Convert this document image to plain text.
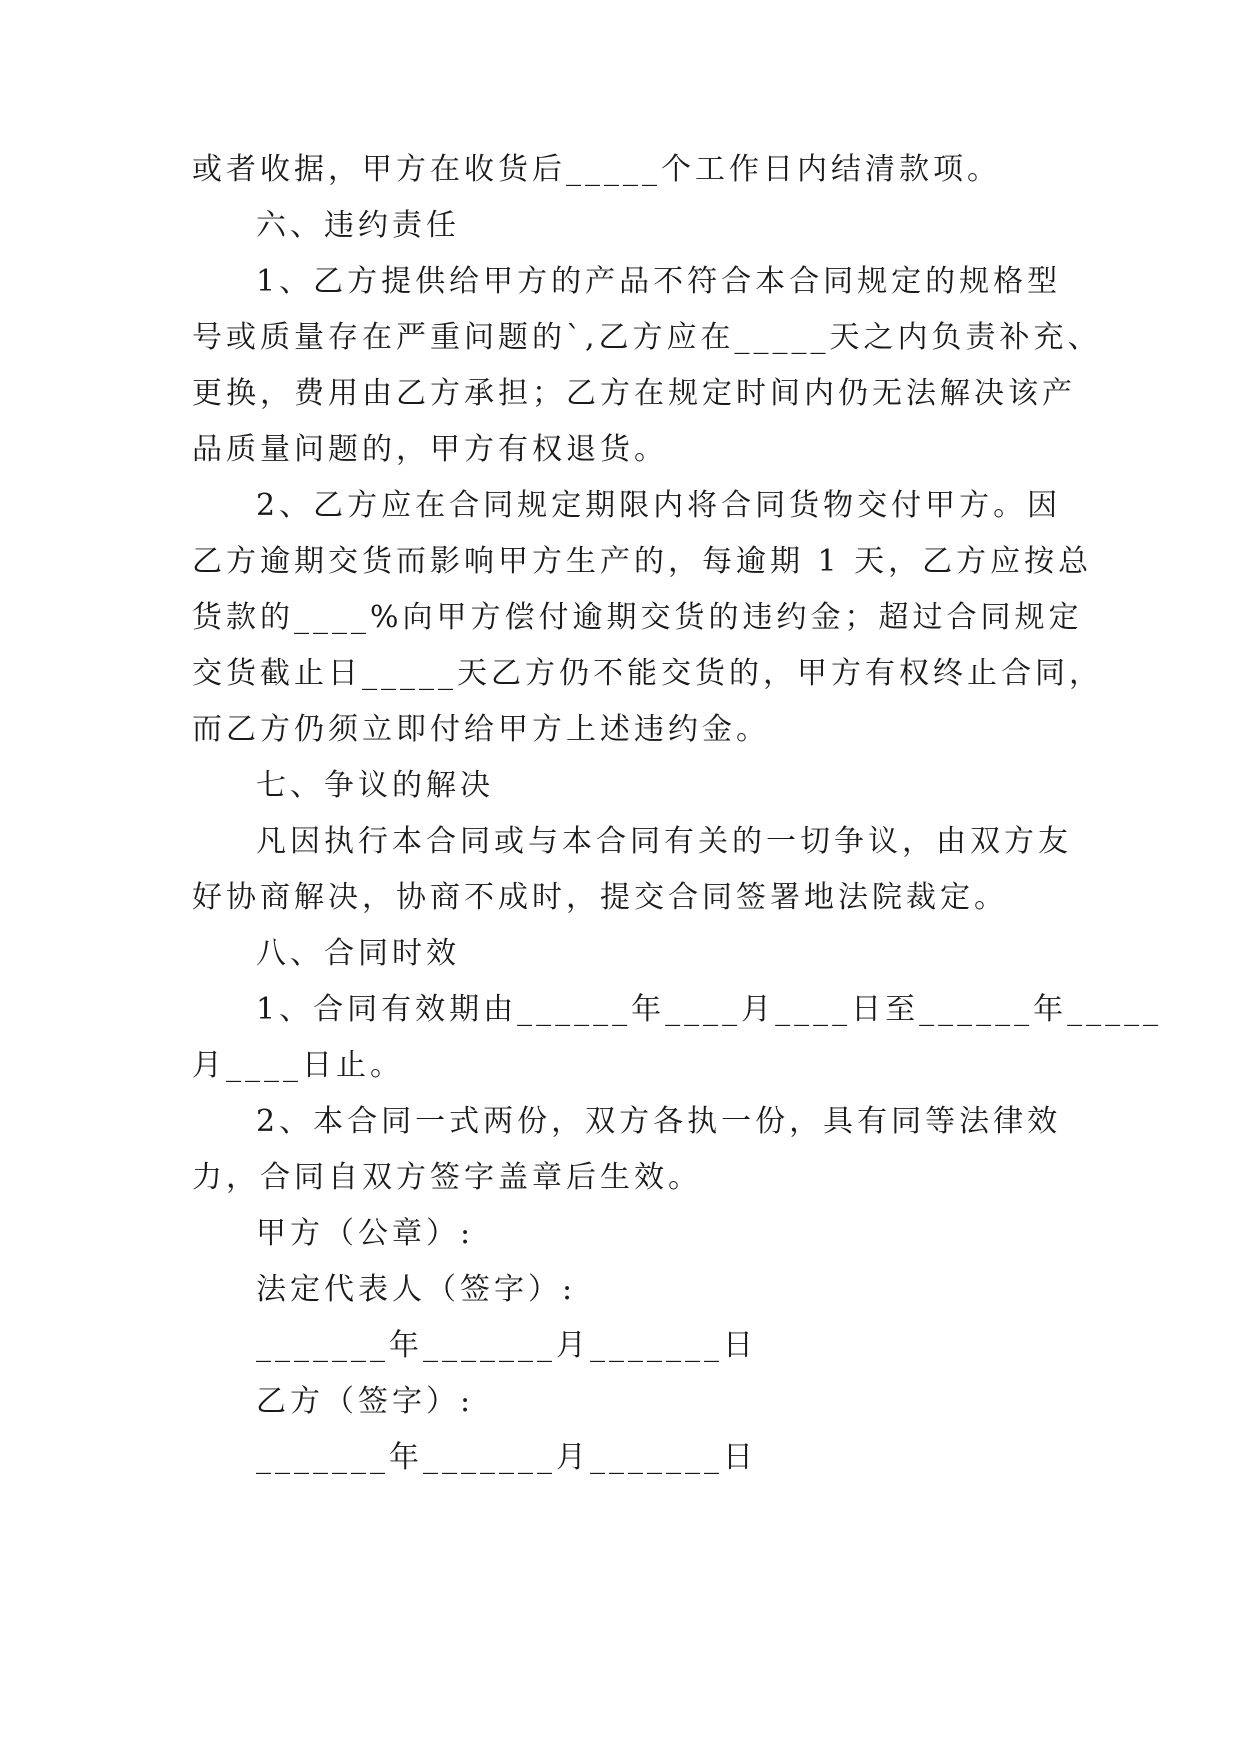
或者收据，甲方在收货后_____个工作日内结清款项。
六、违约责任
1、乙方提供给甲方的产品不符合本合同规定的规格型
号或质量存在严重问题的`,乙方应在_____天之内负责补充、
更换，费用由乙方承担；乙方在规定时间内仍无法解决该产
品质量问题的，甲方有权退货。
2、乙方应在合同规定期限内将合同货物交付甲方。因
乙方逾期交货而影响甲方生产的，每逾期 1 天，乙方应按总
货款的____%向甲方偿付逾期交货的违约金；超过合同规定
交货截止日_____天乙方仍不能交货的，甲方有权终止合同，
而乙方仍须立即付给甲方上述违约金。
七、争议的解决
凡因执行本合同或与本合同有关的一切争议，由双方友
好协商解决，协商不成时，提交合同签署地法院裁定。
八、合同时效
1、合同有效期由______年____月____日至______年_____
月____日止。
2、本合同一式两份，双方各执一份，具有同等法律效
力，合同自双方签字盖章后生效。
甲方（公章）:
法定代表人（签字）:
_______年_______月_______日
乙方（签字）:
_______年_______月_______日
